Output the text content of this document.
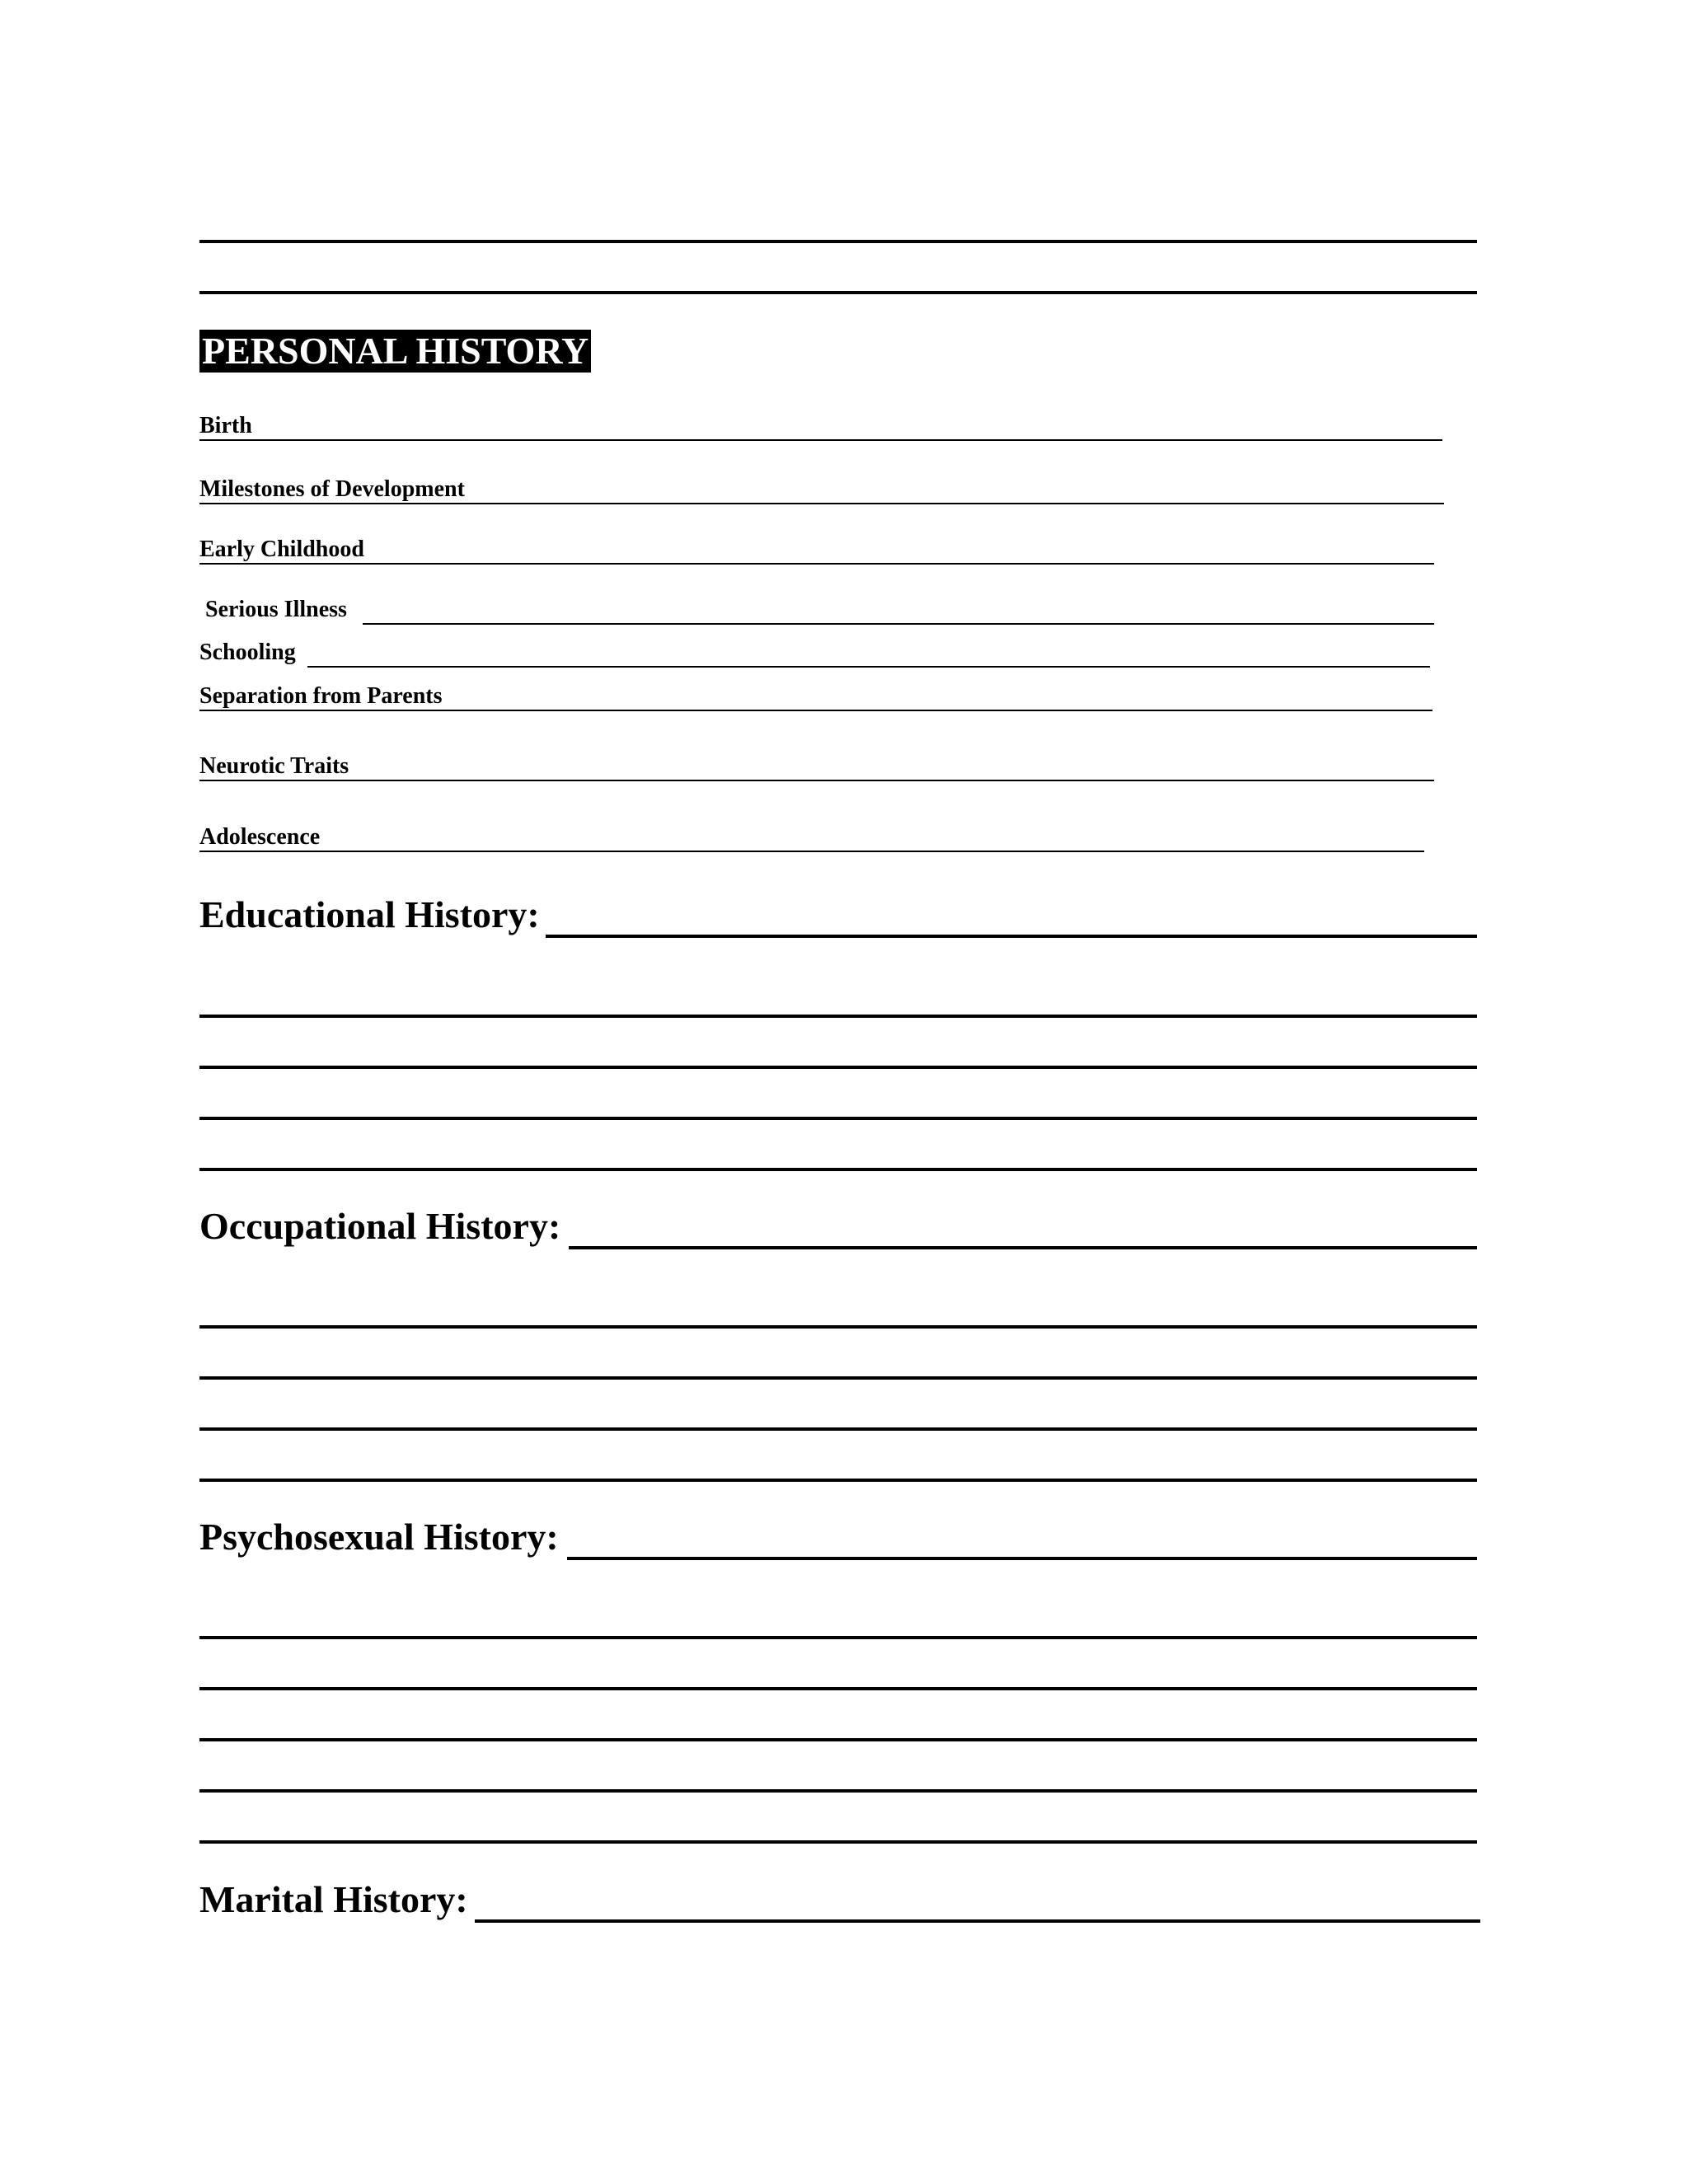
PERSONAL HISTORY
Birth
Milestones of Development
Early Childhood
Serious Illness
Schooling
Separation from Parents
Neurotic Traits
Adolescence
Educational History:
Occupational History:
Psychosexual History:
Marital History:
